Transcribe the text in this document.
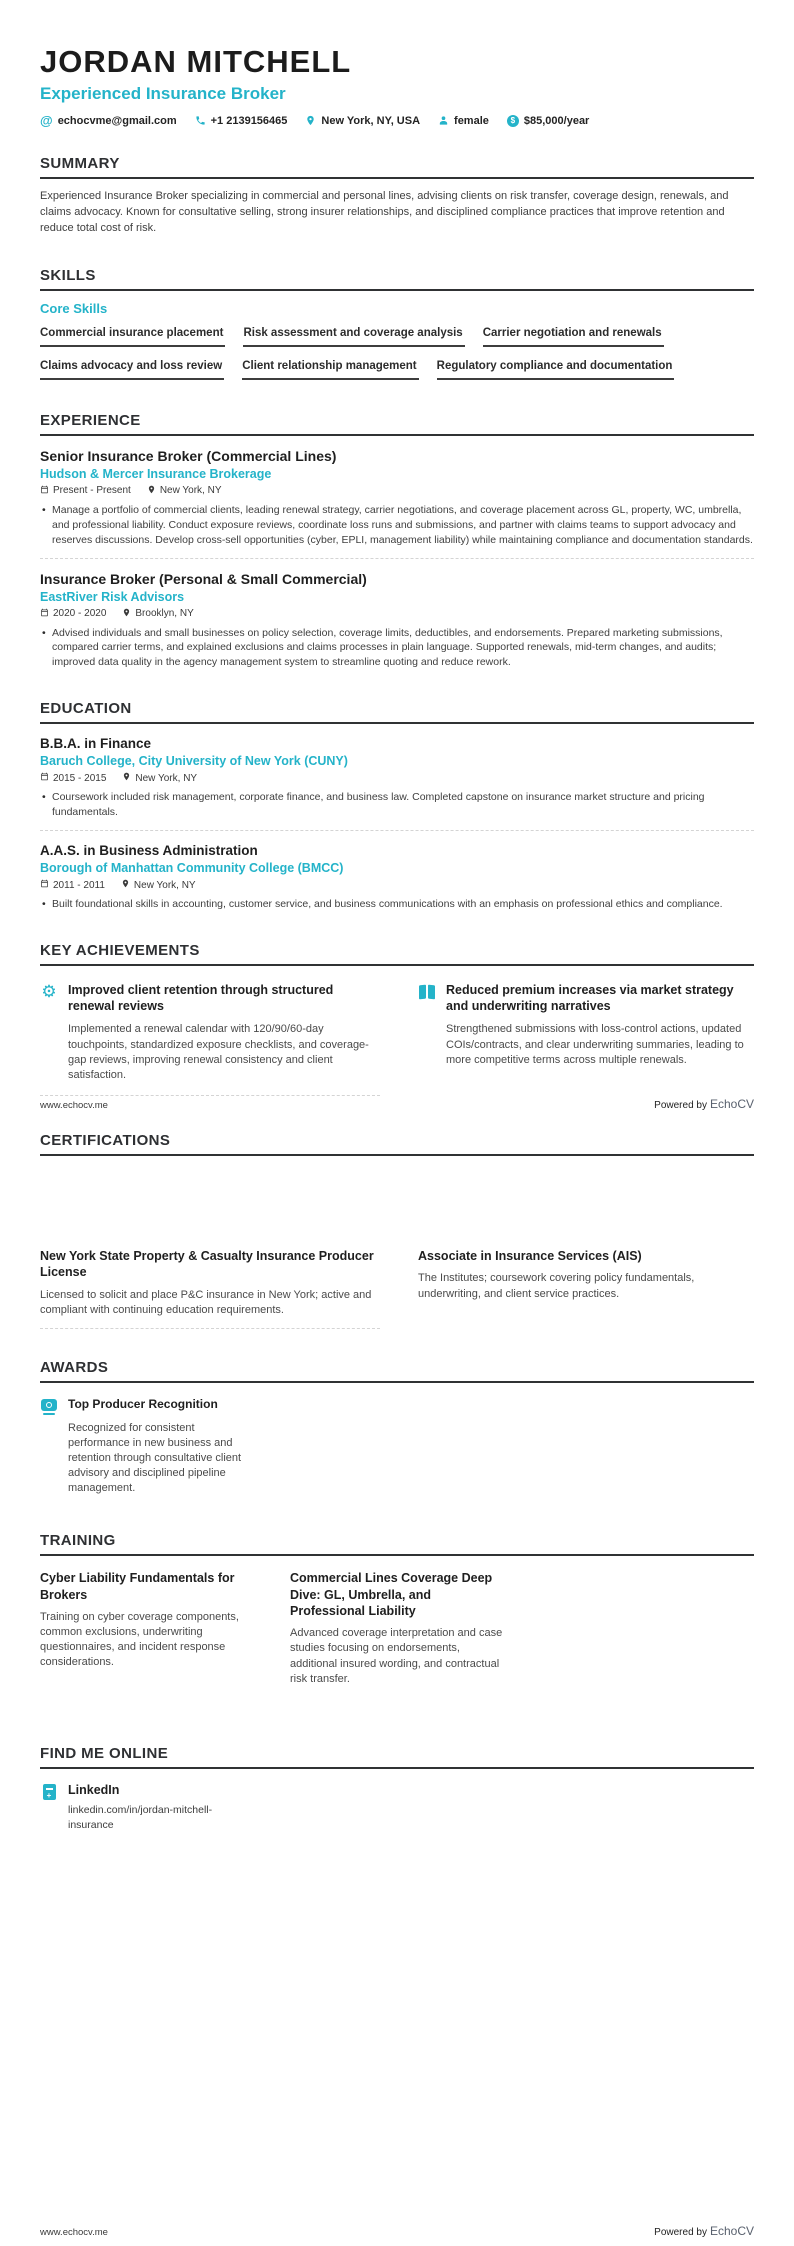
JORDAN MITCHELL
Experienced Insurance Broker
@ echocvme@gmail.com	+1 2139156465	New York, NY, USA	female	$ $85,000/year
SUMMARY
Experienced Insurance Broker specializing in commercial and personal lines, advising clients on risk transfer, coverage design, renewals, and claims advocacy. Known for consultative selling, strong insurer relationships, and disciplined compliance practices that improve retention and reduce total cost of risk.
SKILLS
Core Skills
Commercial insurance placement Risk assessment and coverage analysis Carrier negotiation and renewals
Claims advocacy and loss review Client relationship management Regulatory compliance and documentation
EXPERIENCE
Senior Insurance Broker (Commercial Lines)
Hudson & Mercer Insurance Brokerage
Present - Present	New York, NY
• Manage a portfolio of commercial clients, leading renewal strategy, carrier negotiations, and coverage placement across GL, property, WC, umbrella, and professional liability. Conduct exposure reviews, coordinate loss runs and submissions, and partner with claims teams to support advocacy and reserves discussions. Develop cross-sell opportunities (cyber, EPLI, management liability) while maintaining compliance and documentation standards.
Insurance Broker (Personal & Small Commercial)
EastRiver Risk Advisors
2020 - 2020	Brooklyn, NY
• Advised individuals and small businesses on policy selection, coverage limits, deductibles, and endorsements. Prepared marketing submissions, compared carrier terms, and explained exclusions and claims processes in plain language. Supported renewals, mid-term changes, and audits; improved data quality in the agency management system to streamline quoting and reduce rework.
EDUCATION
B.B.A. in Finance
Baruch College, City University of New York (CUNY)
2015 - 2015	New York, NY
• Coursework included risk management, corporate finance, and business law. Completed capstone on insurance market structure and pricing fundamentals.
A.A.S. in Business Administration
Borough of Manhattan Community College (BMCC)
2011 - 2011	New York, NY
• Built foundational skills in accounting, customer service, and business communications with an emphasis on professional ethics and compliance.
KEY ACHIEVEMENTS
⚙ Improved client retention through structured renewal reviews
Implemented a renewal calendar with 120/90/60-day touchpoints, standardized exposure checklists, and coverage-gap reviews, improving renewal consistency and client satisfaction.
Reduced premium increases via market strategy and underwriting narratives
Strengthened submissions with loss-control actions, updated COIs/contracts, and clear underwriting summaries, leading to more competitive terms across multiple renewals.
CERTIFICATIONS
New York State Property & Casualty Insurance Producer License
Licensed to solicit and place P&C insurance in New York; active and compliant with continuing education requirements.
Associate in Insurance Services (AIS)
The Institutes; coursework covering policy fundamentals, underwriting, and client service practices.
AWARDS
Top Producer Recognition
Recognized for consistent performance in new business and retention through consultative client advisory and disciplined pipeline management.
TRAINING
Cyber Liability Fundamentals for Brokers
Training on cyber coverage components, common exclusions, underwriting questionnaires, and incident response considerations.
Commercial Lines Coverage Deep Dive: GL, Umbrella, and Professional Liability
Advanced coverage interpretation and case studies focusing on endorsements, additional insured wording, and contractual risk transfer.
FIND ME ONLINE
+
LinkedIn
linkedin.com/in/jordan-mitchell-insurance
www.echocv.me	Powered by EchoCV
www.echocv.me	Powered by EchoCV
